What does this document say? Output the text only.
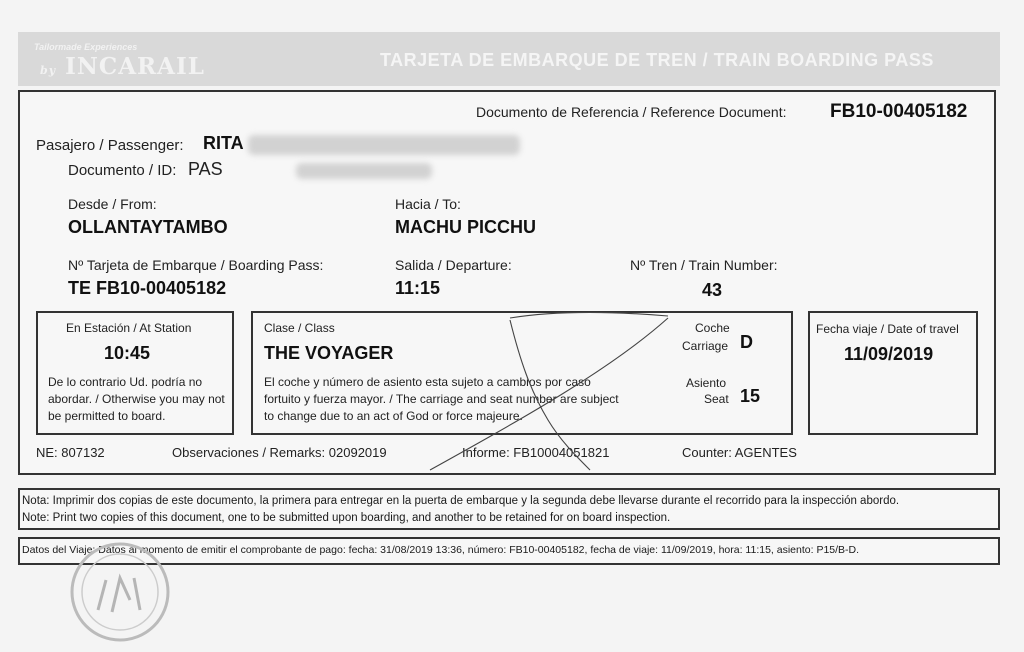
Tailormade Experiences
by INCARAIL	TARJETA DE EMBARQUE DE TREN / TRAIN BOARDING PASS
Documento de Referencia / Reference Document: FB10-00405182
Pasajero / Passenger: RITA
Documento / ID: PAS
Desde / From:
OLLANTAYTAMBO
Hacia / To:
MACHU PICCHU
Nº Tarjeta de Embarque / Boarding Pass:
TE FB10-00405182
Salida / Departure:
11:15
Nº Tren / Train Number:
43
En Estación / At Station
10:45
De lo contrario Ud. podría no abordar. / Otherwise you may not be permitted to board.
Clase / Class
THE VOYAGER
El coche y número de asiento esta sujeto a cambios por caso fortuito y fuerza mayor. / The carriage and seat number are subject to change due to an act of God or force majeure.
Coche
Carriage D
Asiento
Seat 15
Fecha viaje / Date of travel
11/09/2019
NE: 807132	Observaciones / Remarks: 02092019	Informe: FB10004051821	Counter: AGENTES
Nota: Imprimir dos copias de este documento, la primera para entregar en la puerta de embarque y la segunda debe llevarse durante el recorrido para la inspección abordo.
Note: Print two copies of this document, one to be submitted upon boarding, and another to be retained for on board inspection.
Datos del Viaje: Datos al momento de emitir el comprobante de pago: fecha: 31/08/2019 13:36, número: FB10-00405182, fecha de viaje: 11/09/2019, hora: 11:15, asiento: P15/B-D.
